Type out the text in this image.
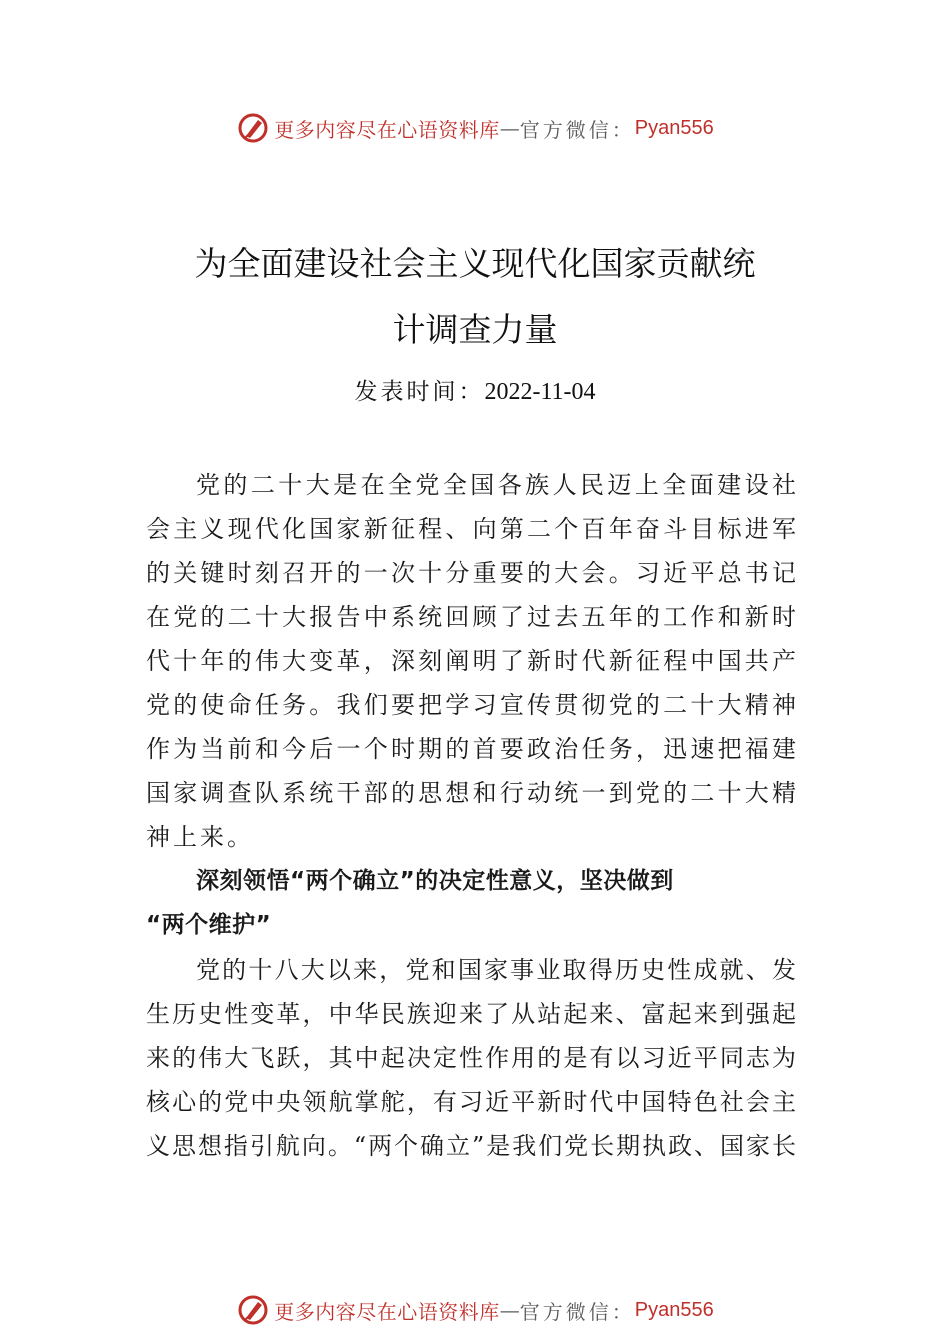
更多内容尽在心语资料库 — 官方微信： Pyan556
为全面建设社会主义现代化国家贡献统
计调查力量
发表时间：2022-11-04
党的二十大是在全党全国各族人民迈上全面建设社
会主义现代化国家新征程、向第二个百年奋斗目标进军
的关键时刻召开的一次十分重要的大会。习近平总书记
在党的二十大报告中系统回顾了过去五年的工作和新时
代十年的伟大变革，深刻阐明了新时代新征程中国共产
党的使命任务。我们要把学习宣传贯彻党的二十大精神
作为当前和今后一个时期的首要政治任务，迅速把福建
国家调查队系统干部的思想和行动统一到党的二十大精
神上来。
深刻领悟“两个确立”的决定性意义，坚决做到
“两个维护”
党的十八大以来，党和国家事业取得历史性成就、发
生历史性变革，中华民族迎来了从站起来、富起来到强起
来的伟大飞跃，其中起决定性作用的是有以习近平同志为
核心的党中央领航掌舵，有习近平新时代中国特色社会主
义思想指引航向。“两个确立”是我们党长期执政、国家长
更多内容尽在心语资料库 — 官方微信： Pyan556
